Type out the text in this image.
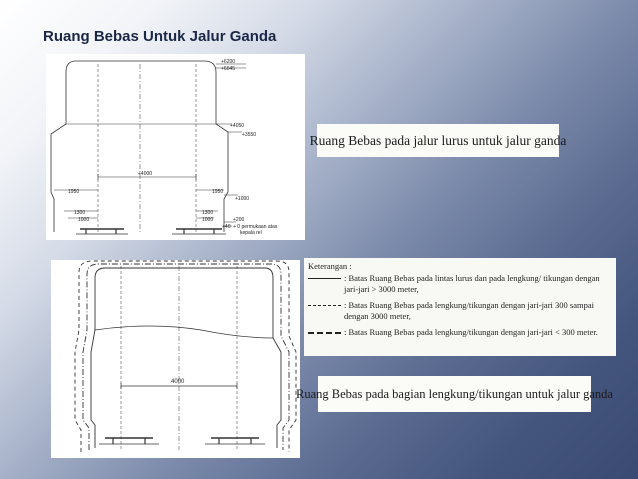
Ruang Bebas Untuk Jalur Ganda
+6200
+6045
+4050
+3550
+4000
1950	1950
+1000
1300
1000
1300
1000	+200
+40 + 0 permukaan atas
kepala rel
Ruang Bebas pada jalur lurus untuk jalur ganda
4000
Keterangan :
: Batas Ruang Bebas pada lintas lurus dan pada lengkung/ tikungan dengan jari-jari > 3000 meter,
: Batas Ruang Bebas pada lengkung/tikungan dengan jari-jari 300 sampai dengan 3000 meter,
: Batas Ruang Bebas pada lengkung/tikungan dengan jari-jari < 300 meter.
Ruang Bebas pada bagian lengkung/tikungan untuk jalur ganda
